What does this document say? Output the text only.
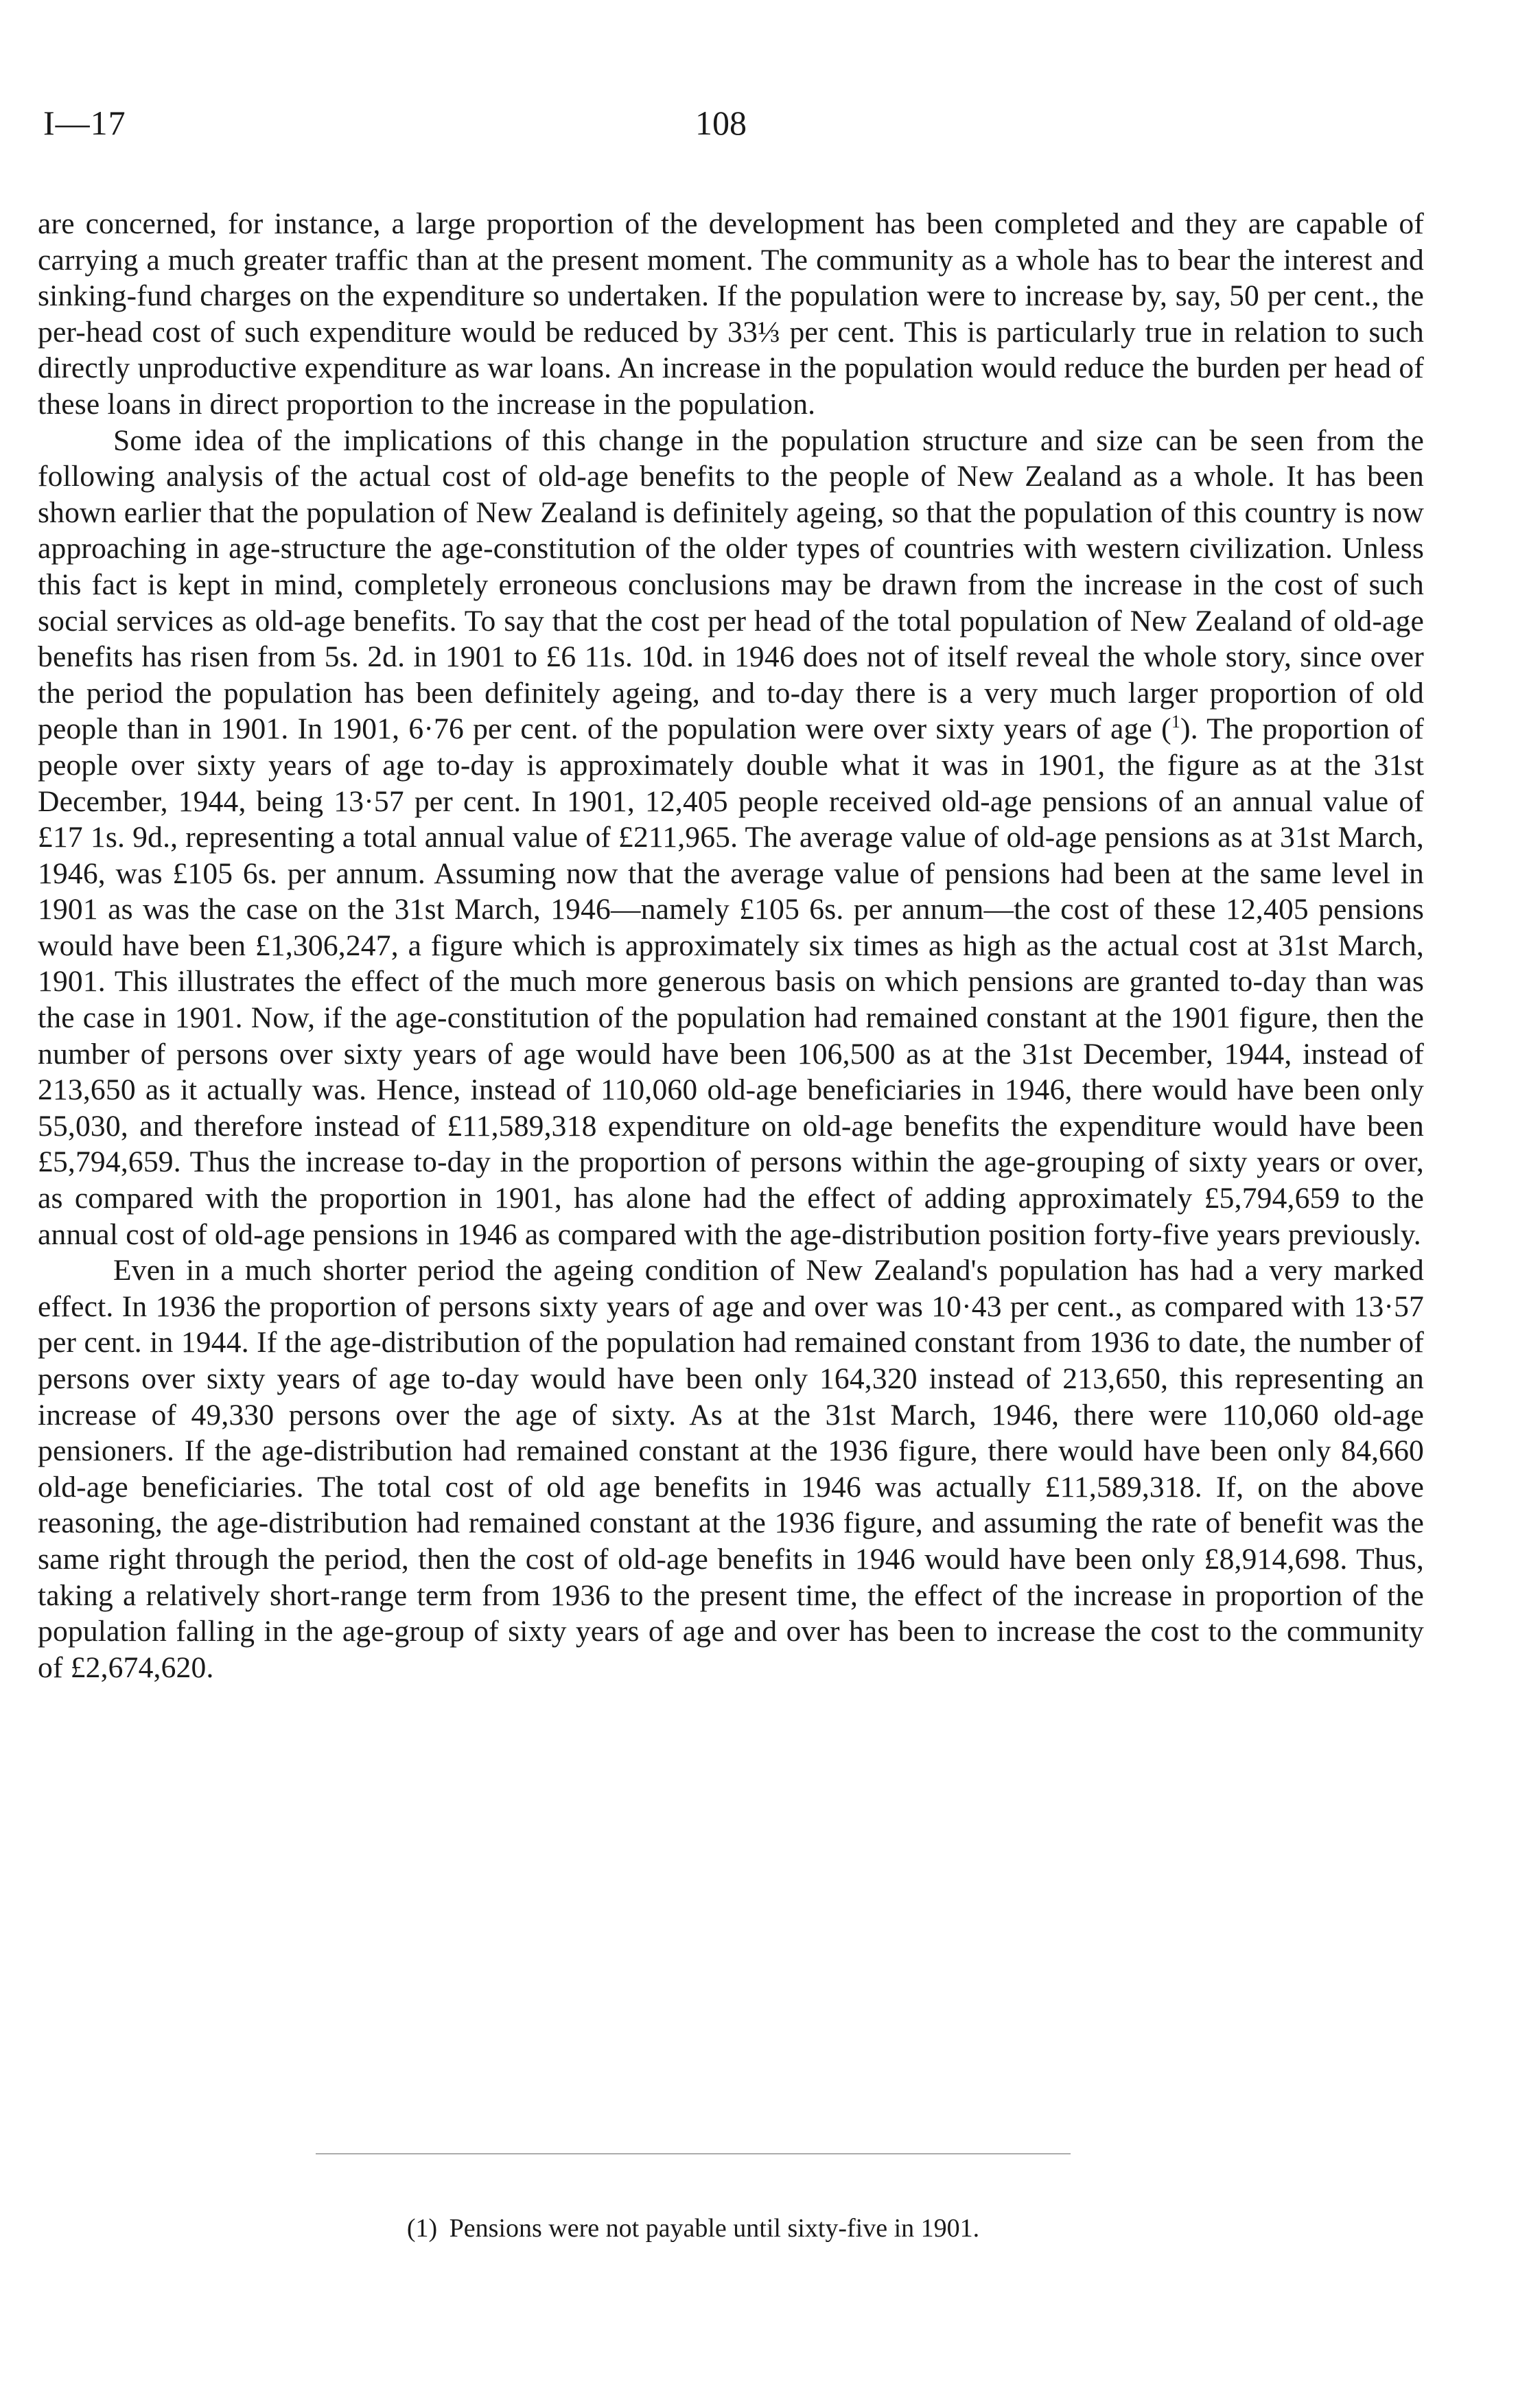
I—17	108

are concerned, for instance, a large proportion of the development has been completed and they are capable of carrying a much greater traffic than at the present moment. The community as a whole has to bear the interest and sinking-fund charges on the expenditure so undertaken. If the population were to increase by, say, 50 per cent., the per-head cost of such expenditure would be reduced by 33⅓ per cent. This is particularly true in relation to such directly unproductive expenditure as war loans. An increase in the population would reduce the burden per head of these loans in direct proportion to the increase in the population.

Some idea of the implications of this change in the population structure and size can be seen from the following analysis of the actual cost of old-age benefits to the people of New Zealand as a whole. It has been shown earlier that the population of New Zealand is definitely ageing, so that the population of this country is now approaching in age-structure the age-constitution of the older types of countries with western civilization. Unless this fact is kept in mind, completely erroneous conclusions may be drawn from the increase in the cost of such social services as old-age benefits. To say that the cost per head of the total population of New Zealand of old-age benefits has risen from 5s. 2d. in 1901 to £6 11s. 10d. in 1946 does not of itself reveal the whole story, since over the period the population has been definitely ageing, and to-day there is a very much larger proportion of old people than in 1901. In 1901, 6·76 per cent. of the population were over sixty years of age ($^1$). The proportion of people over sixty years of age to-day is approximately double what it was in 1901, the figure as at the 31st December, 1944, being 13·57 per cent. In 1901, 12,405 people received old-age pensions of an annual value of £17 1s. 9d., representing a total annual value of £211,965. The average value of old-age pensions as at 31st March, 1946, was £105 6s. per annum. Assuming now that the average value of pensions had been at the same level in 1901 as was the case on the 31st March, 1946—namely £105 6s. per annum—the cost of these 12,405 pensions would have been £1,306,247, a figure which is approximately six times as high as the actual cost at 31st March, 1901. This illustrates the effect of the much more generous basis on which pensions are granted to-day than was the case in 1901. Now, if the age-constitution of the population had remained constant at the 1901 figure, then the number of persons over sixty years of age would have been 106,500 as at the 31st December, 1944, instead of 213,650 as it actually was. Hence, instead of 110,060 old-age beneficiaries in 1946, there would have been only 55,030, and therefore instead of £11,589,318 expenditure on old-age benefits the expenditure would have been £5,794,659. Thus the increase to-day in the proportion of persons within the age-grouping of sixty years or over, as compared with the proportion in 1901, has alone had the effect of adding approximately £5,794,659 to the annual cost of old-age pensions in 1946 as compared with the age-distribution position forty-five years previously.

Even in a much shorter period the ageing condition of New Zealand's population has had a very marked effect. In 1936 the proportion of persons sixty years of age and over was 10·43 per cent., as compared with 13·57 per cent. in 1944. If the age-distribution of the population had remained constant from 1936 to date, the number of persons over sixty years of age to-day would have been only 164,320 instead of 213,650, this representing an increase of 49,330 persons over the age of sixty. As at the 31st March, 1946, there were 110,060 old-age pensioners. If the age-distribution had remained constant at the 1936 figure, there would have been only 84,660 old-age beneficiaries. The total cost of old age benefits in 1946 was actually £11,589,318. If, on the above reasoning, the age-distribution had remained constant at the 1936 figure, and assuming the rate of benefit was the same right through the period, then the cost of old-age benefits in 1946 would have been only £8,914,698. Thus, taking a relatively short-range term from 1936 to the present time, the effect of the increase in proportion of the population falling in the age-group of sixty years of age and over has been to increase the cost to the community of £2,674,620.

(1) Pensions were not payable until sixty-five in 1901.
